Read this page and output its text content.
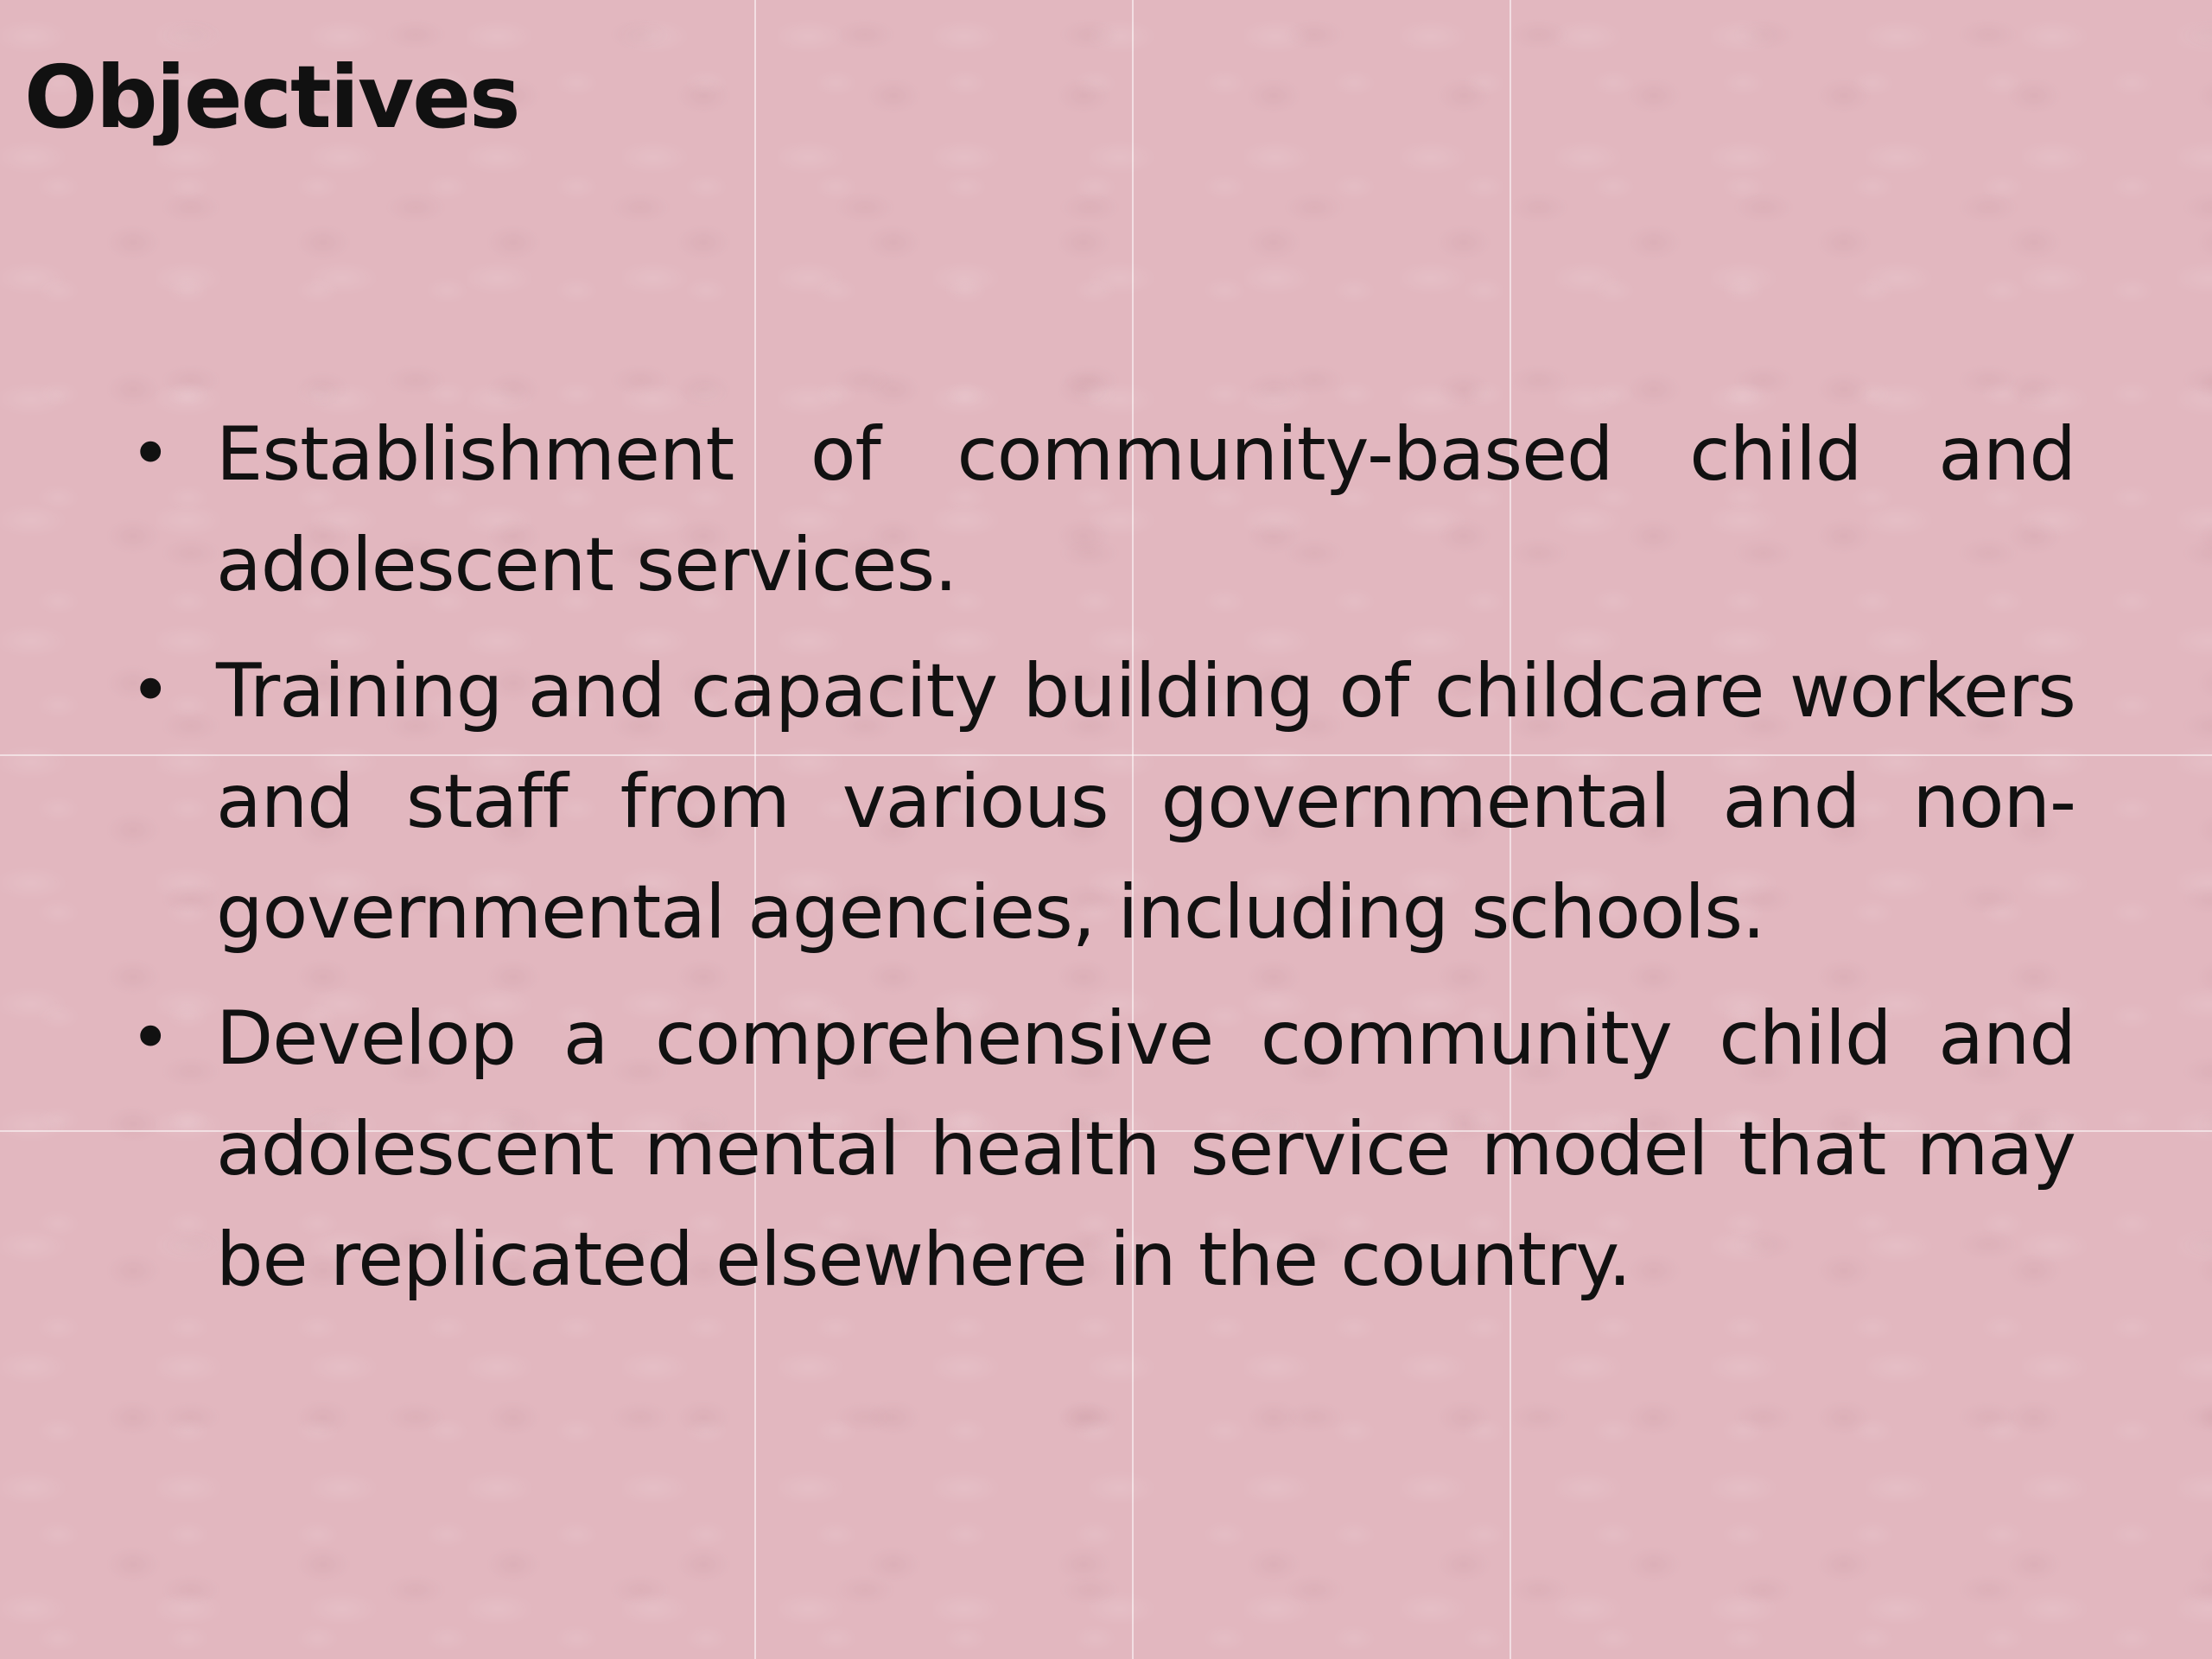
Objectives
• Establishment of community-based child and adolescent services.
• Training and capacity building of childcare workers and staff from various governmental and non-governmental agencies, including schools.
• Develop a comprehensive community child and adolescent mental health service model that may be replicated elsewhere in the country.
